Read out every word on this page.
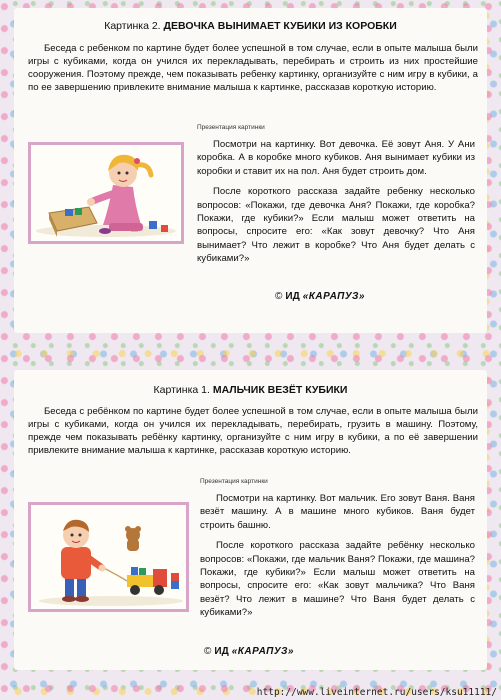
Картинка 2. ДЕВОЧКА ВЫНИМАЕТ КУБИКИ ИЗ КОРОБКИ

Беседа с ребенком по картине будет более успешной в том случае, если в опыте малыша были игры с кубиками, когда он учился их перекладывать, перебирать и строить из них простейшие сооружения. Поэтому прежде, чем показывать ребенку картинку, организуйте с ним игру в кубики, а по ее завершению привлеките внимание малыша к картинке, рассказав короткую историю.

Презентация картинки

Посмотри на картинку. Вот девочка. Её зовут Аня. У Ани коробка. А в коробке много кубиков. Аня вынимает кубики из коробки и ставит их на пол. Аня будет строить дом.

После короткого рассказа задайте ребенку несколько вопросов: «Покажи, где девочка Аня? Покажи, где коробка? Покажи, где кубики?» Если малыш может ответить на вопросы, спросите его: «Как зовут девочку? Что Аня вынимает? Что лежит в коробке? Что Аня будет делать с кубиками?»

© ИД «КАРАПУЗ»
Картинка 1. МАЛЬЧИК ВЕЗЁТ КУБИКИ

Беседа с ребёнком по картине будет более успешной в том случае, если в опыте малыша были игры с кубиками, когда он учился их перекладывать, перебирать, грузить в машину. Поэтому, прежде чем показывать ребёнку картинку, организуйте с ним игру в кубики, а по её завершении привлеките внимание малыша к картинке, рассказав короткую историю.

Презентация картинки

Посмотри на картинку. Вот мальчик. Его зовут Ваня. Ваня везёт машину. А в машине много кубиков. Ваня будет строить башню.

После короткого рассказа задайте ребёнку несколько вопросов: «Покажи, где мальчик Ваня? Покажи, где машина? Покажи, где кубики?» Если малыш может ответить на вопросы, спросите его: «Как зовут мальчика? Что Ваня везёт? Что лежит в машине? Что Ваня будет делать с кубиками?»

© ИД «КАРАПУЗ»
http://www.liveinternet.ru/users/ksu11111/
